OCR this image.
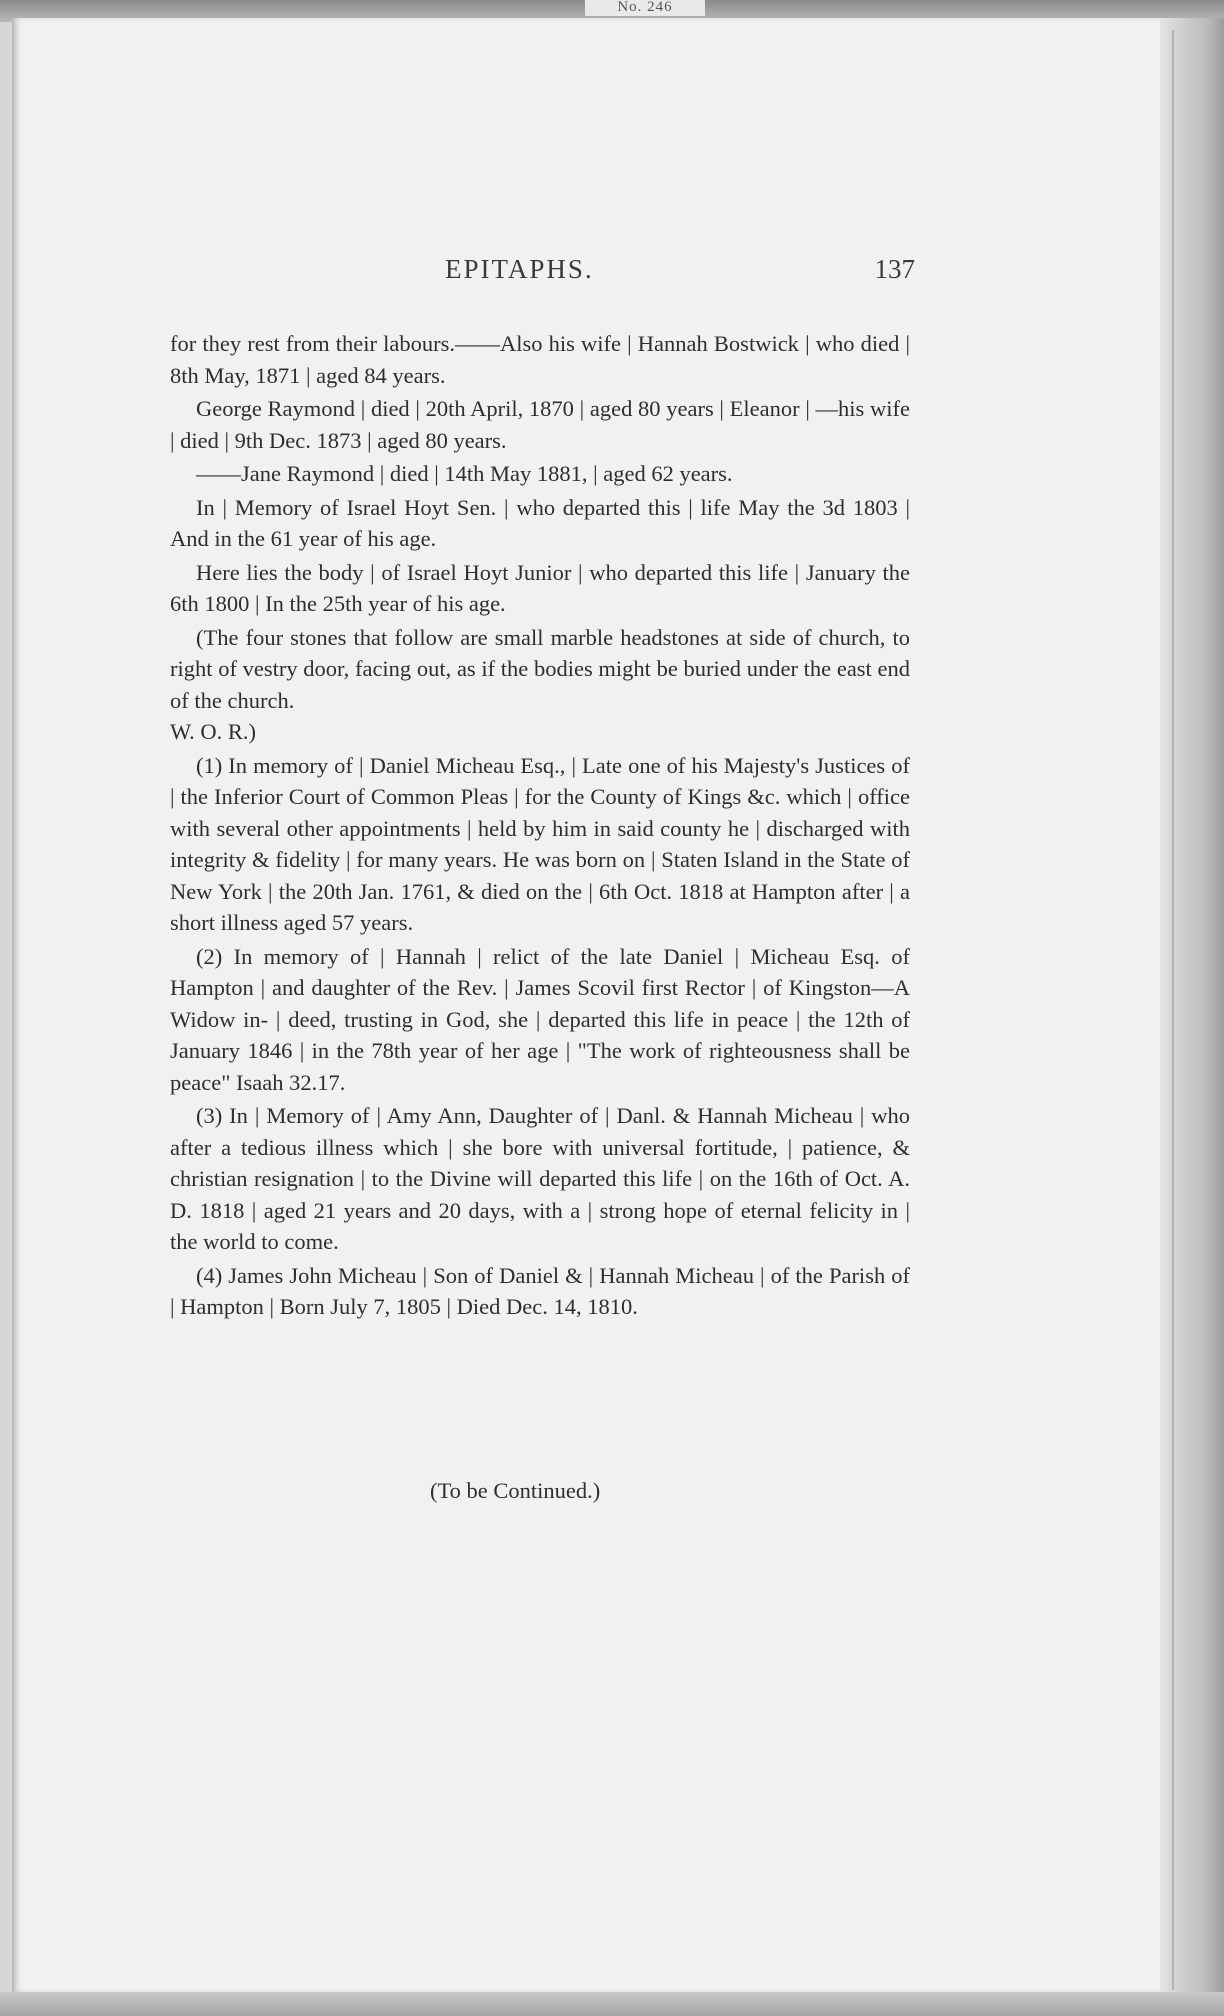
No. 246
EPITAPHS.	137

for they rest from their labours.——Also his wife | Hannah Bostwick | who died | 8th May, 1871 | aged 84 years.

George Raymond | died | 20th April, 1870 | aged 80 years | Eleanor | —his wife | died | 9th Dec. 1873 | aged 80 years.

——Jane Raymond | died | 14th May 1881, | aged 62 years.

In | Memory of Israel Hoyt Sen. | who departed this | life May the 3d 1803 | And in the 61 year of his age.

Here lies the body | of Israel Hoyt Junior | who departed this life | January the 6th 1800 | In the 25th year of his age.

(The four stones that follow are small marble headstones at side of church, to right of vestry door, facing out, as if the bodies might be buried under the east end of the church.

W. O. R.)

(1) In memory of | Daniel Micheau Esq., | Late one of his Majesty's Justices of | the Inferior Court of Common Pleas | for the County of Kings &c. which | office with several other appointments | held by him in said county he | discharged with integrity & fidelity | for many years. He was born on | Staten Island in the State of New York | the 20th Jan. 1761, & died on the | 6th Oct. 1818 at Hampton after | a short illness aged 57 years.

(2) In memory of | Hannah | relict of the late Daniel | Micheau Esq. of Hampton | and daughter of the Rev. | James Scovil first Rector | of Kingston—A Widow in- | deed, trusting in God, she | departed this life in peace | the 12th of January 1846 | in the 78th year of her age | "The work of righteousness shall be peace" Isaah 32.17.

(3) In | Memory of | Amy Ann, Daughter of | Danl. & Hannah Micheau | who after a tedious illness which | she bore with universal fortitude, | patience, & christian resignation | to the Divine will departed this life | on the 16th of Oct. A. D. 1818 | aged 21 years and 20 days, with a | strong hope of eternal felicity in | the world to come.

(4) James John Micheau | Son of Daniel & | Hannah Micheau | of the Parish of | Hampton | Born July 7, 1805 | Died Dec. 14, 1810.

(To be Continued.)
